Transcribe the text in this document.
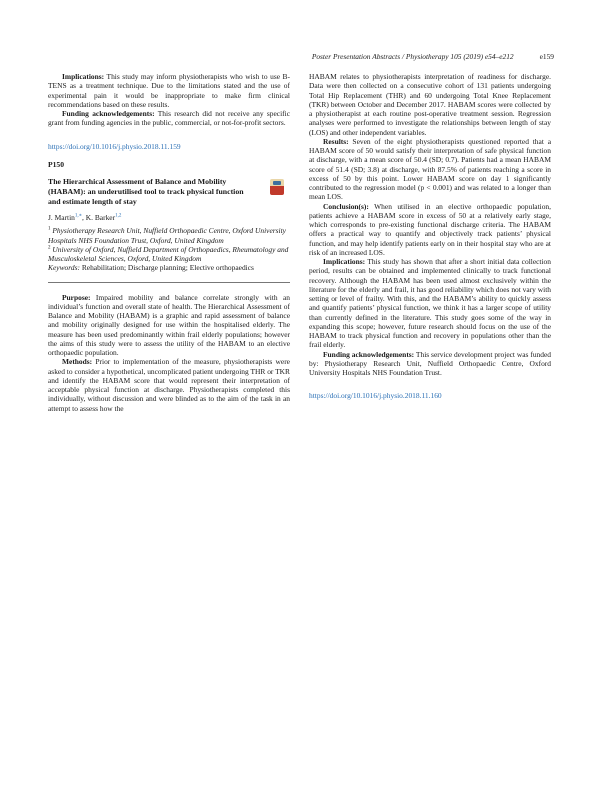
Poster Presentation Abstracts / Physiotherapy 105 (2019) e54–e212	e159

Implications: This study may inform physiotherapists who wish to use B-TENS as a treatment technique. Due to the limitations stated and the use of experimental pain it would be inappropriate to make firm clinical recommendations based on these results.

Funding acknowledgements: This research did not receive any specific grant from funding agencies in the public, commercial, or not-for-profit sectors.

https://doi.org/10.1016/j.physio.2018.11.159
P150
The Hierarchical Assessment of Balance and Mobility (HABAM): an underutilised tool to track physical function and estimate length of stay
J. Martin$^{1,∗}$, K. Barker$^{1,2}$
$^1$ Physiotherapy Research Unit, Nuffield Orthopaedic Centre, Oxford University Hospitals NHS Foundation Trust, Oxford, United Kingdom
$^2$ University of Oxford, Nuffield Department of Orthopaedics, Rheumatology and Musculoskeletal Sciences, Oxford, United Kingdom
Keywords: Rehabilitation; Discharge planning; Elective orthopaedics

Purpose: Impaired mobility and balance correlate strongly with an individual’s function and overall state of health. The Hierarchical Assessment of Balance and Mobility (HABAM) is a graphic and rapid assessment of balance and mobility originally designed for use within the hospitalised elderly. The measure has been used predominantly within frail elderly populations; however the aims of this study were to assess the utility of the HABAM to an elective orthopaedic population.

Methods: Prior to implementation of the measure, physiotherapists were asked to consider a hypothetical, uncomplicated patient undergoing THR or TKR and identify the HABAM score that would represent their interpretation of acceptable physical function at discharge. Physiotherapists completed this individually, without discussion and were blinded as to the aim of the task in an attempt to assess how the

HABAM relates to physiotherapists interpretation of readiness for discharge. Data were then collected on a consecutive cohort of 131 patients undergoing Total Hip Replacement (THR) and 60 undergoing Total Knee Replacement (TKR) between October and December 2017. HABAM scores were collected by a physiotherapist at each routine post-operative treatment session. Regression analyses were performed to investigate the relationships between length of stay (LOS) and other independent variables.

Results: Seven of the eight physiotherapists questioned reported that a HABAM score of 50 would satisfy their interpretation of safe physical function at discharge, with a mean score of 50.4 (SD; 0.7). Patients had a mean HABAM score of 51.4 (SD; 3.8) at discharge, with 87.5% of patients reaching a score in excess of 50 by this point. Lower HABAM score on day 1 significantly contributed to the regression model (p < 0.001) and was related to a longer than mean LOS.

Conclusion(s): When utilised in an elective orthopaedic population, patients achieve a HABAM score in excess of 50 at a relatively early stage, which corresponds to pre-existing functional discharge criteria. The HABAM offers a practical way to quantify and objectively track patients’ physical function, and may help identify patients early on in their hospital stay who are at risk of an increased LOS.

Implications: This study has shown that after a short initial data collection period, results can be obtained and implemented clinically to track functional recovery. Although the HABAM has been used almost exclusively within the literature for the elderly and frail, it has good reliability which does not vary with setting or level of frailty. With this, and the HABAM’s ability to quickly assess and quantify patients’ physical function, we think it has a larger scope of utility than currently defined in the literature. This study goes some of the way in expanding this scope; however, future research should focus on the use of the HABAM to track physical function and recovery in populations other than the frail elderly.

Funding acknowledgements: This service development project was funded by: Physiotherapy Research Unit, Nuffield Orthopaedic Centre, Oxford University Hospitals NHS Foundation Trust.

https://doi.org/10.1016/j.physio.2018.11.160
